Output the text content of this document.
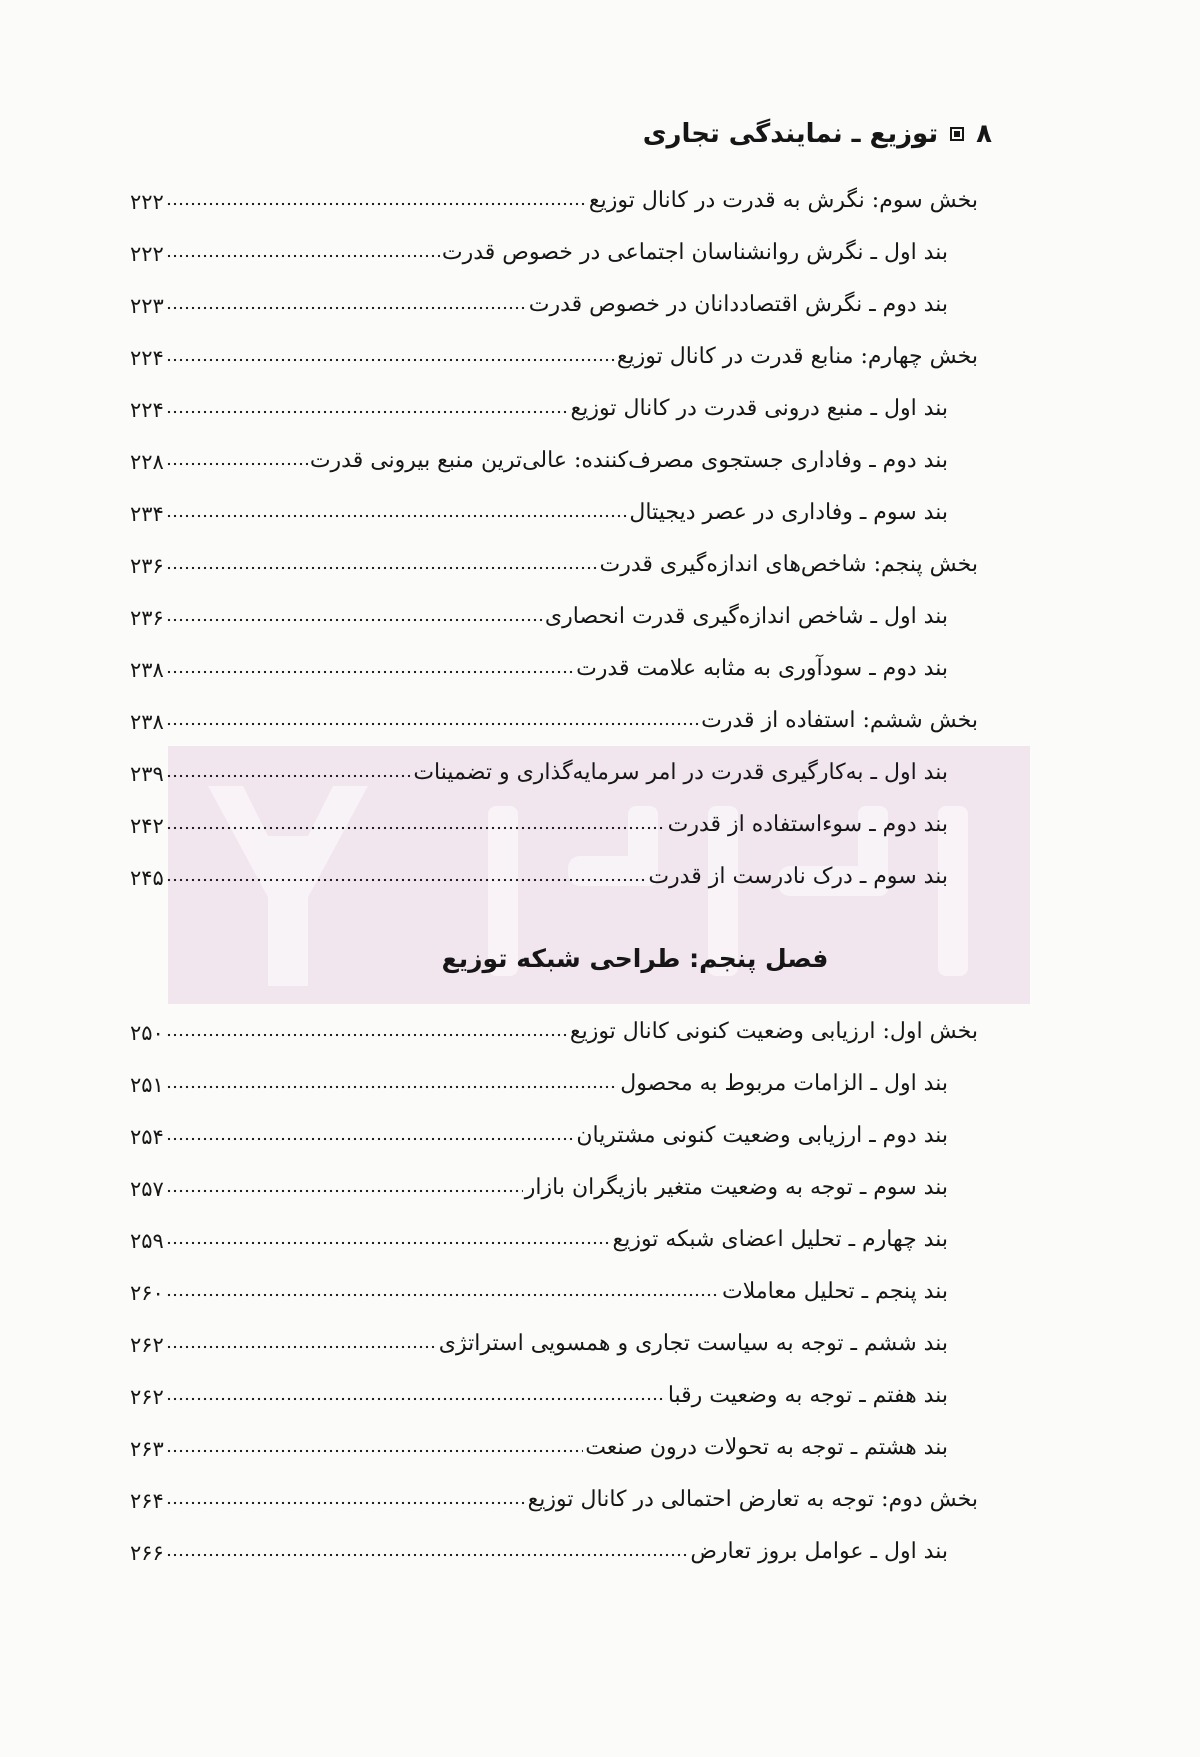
۸
توزیع ـ نمایندگی تجاری
بخش سوم: نگرش به قدرت در کانال توزیع
۲۲۲
بند اول ـ نگرش روانشناسان اجتماعی در خصوص قدرت
۲۲۲
بند دوم ـ نگرش اقتصاددانان در خصوص قدرت
۲۲۳
بخش چهارم: منابع قدرت در کانال توزیع
۲۲۴
بند اول ـ منبع درونی قدرت در کانال توزیع
۲۲۴
بند دوم ـ وفاداری جستجوی مصرف‌کننده: عالی‌ترین منبع بیرونی قدرت
۲۲۸
بند سوم ـ وفاداری در عصر دیجیتال
۲۳۴
بخش پنجم: شاخص‌های اندازه‌گیری قدرت
۲۳۶
بند اول ـ شاخص اندازه‌گیری قدرت انحصاری
۲۳۶
بند دوم ـ سودآوری به مثابه علامت قدرت
۲۳۸
بخش ششم: استفاده از قدرت
۲۳۸
بند اول ـ به‌کارگیری قدرت در امر سرمایه‌گذاری و تضمینات
۲۳۹
بند دوم ـ سوءاستفاده از قدرت
۲۴۲
بند سوم ـ درک نادرست از قدرت
۲۴۵
فصل پنجم: طراحی شبکه توزیع
بخش اول: ارزیابی وضعیت کنونی کانال توزیع
۲۵۰
بند اول ـ الزامات مربوط به محصول
۲۵۱
بند دوم ـ ارزیابی وضعیت کنونی مشتریان
۲۵۴
بند سوم ـ توجه به وضعیت متغیر بازیگران بازار
۲۵۷
بند چهارم ـ تحلیل اعضای شبکه توزیع
۲۵۹
بند پنجم ـ تحلیل معاملات
۲۶۰
بند ششم ـ توجه به سیاست تجاری و همسویی استراتژی
۲۶۲
بند هفتم ـ توجه به وضعیت رقبا
۲۶۲
بند هشتم ـ توجه به تحولات درون صنعت
۲۶۳
بخش دوم: توجه به تعارض احتمالی در کانال توزیع
۲۶۴
بند اول ـ عوامل بروز تعارض
۲۶۶
